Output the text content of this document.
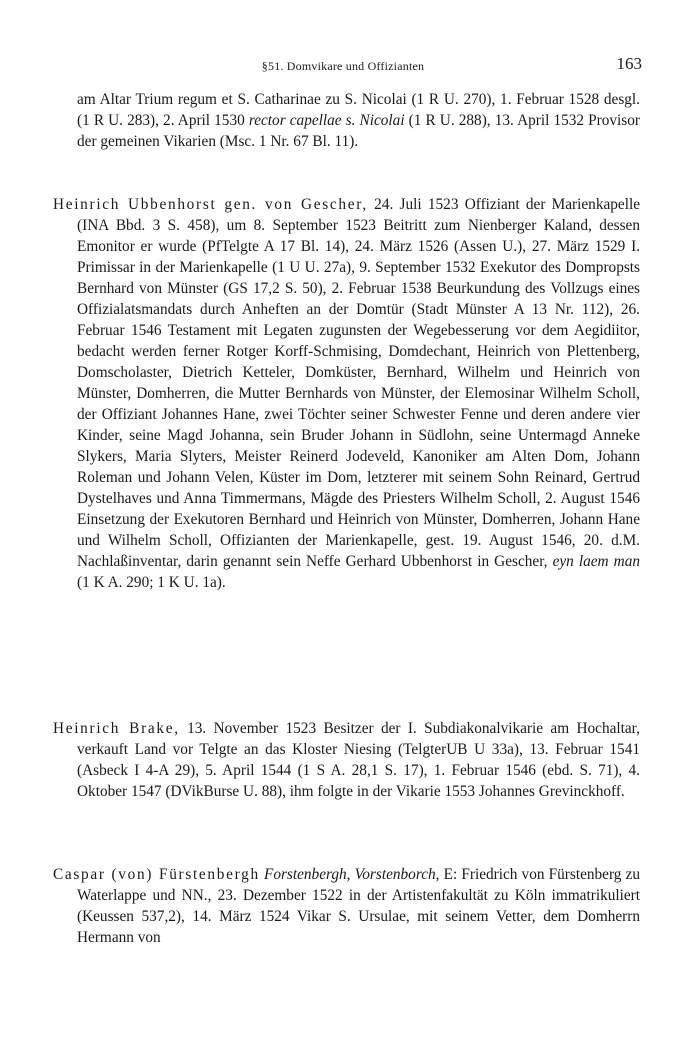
§51. Domvikare und Offizianten	163

am Altar Trium regum et S. Catharinae zu S. Nicolai (1 R U. 270), 1. Februar 1528 desgl. (1 R U. 283), 2. April 1530 rector capellae s. Nicolai (1 R U. 288), 13. April 1532 Provisor der gemeinen Vikarien (Msc. 1 Nr. 67 Bl. 11).

Heinrich Ubbenhorst gen. von Gescher, 24. Juli 1523 Offiziant der Marienkapelle (INA Bbd. 3 S. 458), um 8. September 1523 Beitritt zum Nienberger Kaland, dessen Emonitor er wurde (PfTelgte A 17 Bl. 14), 24. März 1526 (Assen U.), 27. März 1529 I. Primissar in der Marienkapelle (1 U U. 27a), 9. September 1532 Exekutor des Dompropsts Bernhard von Münster (GS 17,2 S. 50), 2. Februar 1538 Beurkundung des Vollzugs eines Offizialatsmandats durch Anheften an der Domtür (Stadt Münster A 13 Nr. 112), 26. Februar 1546 Testament mit Legaten zugunsten der Wegebesserung vor dem Aegidiitor, bedacht werden ferner Rotger Korff-Schmising, Domdechant, Heinrich von Plettenberg, Domscholaster, Dietrich Ketteler, Domküster, Bernhard, Wilhelm und Heinrich von Münster, Domherren, die Mutter Bernhards von Münster, der Elemosinar Wilhelm Scholl, der Offiziant Johannes Hane, zwei Töchter seiner Schwester Fenne und deren andere vier Kinder, seine Magd Johanna, sein Bruder Johann in Südlohn, seine Untermagd Anneke Slykers, Maria Slyters, Meister Reinerd Jodeveld, Kanoniker am Alten Dom, Johann Roleman und Johann Velen, Küster im Dom, letzterer mit seinem Sohn Reinard, Gertrud Dystelhaves und Anna Timmermans, Mägde des Priesters Wilhelm Scholl, 2. August 1546 Einsetzung der Exekutoren Bernhard und Heinrich von Münster, Domherren, Johann Hane und Wilhelm Scholl, Offizianten der Marienkapelle, gest. 19. August 1546, 20. d.M. Nachlaßinventar, darin genannt sein Neffe Gerhard Ubbenhorst in Gescher, eyn laem man (1 K A. 290; 1 K U. 1a).

Heinrich Brake, 13. November 1523 Besitzer der I. Subdiakonalvikarie am Hochaltar, verkauft Land vor Telgte an das Kloster Niesing (TelgterUB U 33a), 13. Februar 1541 (Asbeck I 4-A 29), 5. April 1544 (1 S A. 28,1 S. 17), 1. Februar 1546 (ebd. S. 71), 4. Oktober 1547 (DVikBurse U. 88), ihm folgte in der Vikarie 1553 Johannes Grevinckhoff.

Caspar (von) Fürstenbergh Forstenbergh, Vorstenborch, E: Friedrich von Fürstenberg zu Waterlappe und NN., 23. Dezember 1522 in der Artistenfakultät zu Köln immatrikuliert (Keussen 537,2), 14. März 1524 Vikar S. Ursulae, mit seinem Vetter, dem Domherrn Hermann von
